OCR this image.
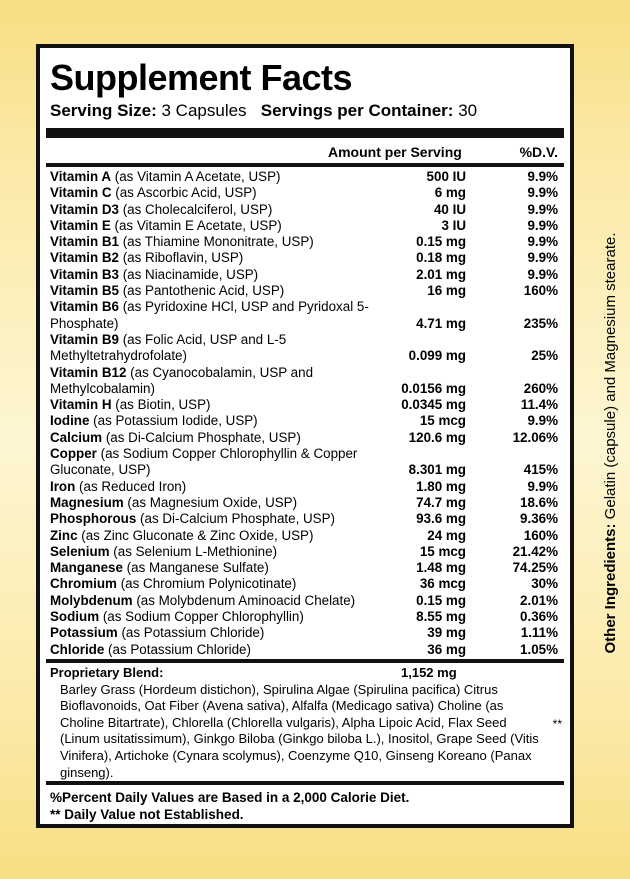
Supplement Facts
Serving Size: 3 Capsules Servings per Container: 30
Amount per Serving	%D.V.
Vitamin A (as Vitamin A Acetate, USP)	500 IU	9.9%
Vitamin C (as Ascorbic Acid, USP)	6 mg	9.9%
Vitamin D3 (as Cholecalciferol, USP)	40 IU	9.9%
Vitamin E (as Vitamin E Acetate, USP)	3 IU	9.9%
Vitamin B1 (as Thiamine Mononitrate, USP)	0.15 mg	9.9%
Vitamin B2 (as Riboflavin, USP)	0.18 mg	9.9%
Vitamin B3 (as Niacinamide, USP)	2.01 mg	9.9%
Vitamin B5 (as Pantothenic Acid, USP)	16 mg	160%
Vitamin B6 (as Pyridoxine HCl, USP and Pyridoxal 5-Phosphate)	4.71 mg	235%
Vitamin B9 (as Folic Acid, USP and L-5 Methyltetrahydrofolate)	0.099 mg	25%
Vitamin B12 (as Cyanocobalamin, USP and Methylcobalamin)	0.0156 mg	260%
Vitamin H (as Biotin, USP)	0.0345 mg	11.4%
Iodine (as Potassium Iodide, USP)	15 mcg	9.9%
Calcium (as Di-Calcium Phosphate, USP)	120.6 mg	12.06%
Copper (as Sodium Copper Chlorophyllin & Copper Gluconate, USP)	8.301 mg	415%
Iron (as Reduced Iron)	1.80 mg	9.9%
Magnesium (as Magnesium Oxide, USP)	74.7 mg	18.6%
Phosphorous (as Di-Calcium Phosphate, USP)	93.6 mg	9.36%
Zinc (as Zinc Gluconate & Zinc Oxide, USP)	24 mg	160%
Selenium (as Selenium L-Methionine)	15 mcg	21.42%
Manganese (as Manganese Sulfate)	1.48 mg	74.25%
Chromium (as Chromium Polynicotinate)	36 mcg	30%
Molybdenum (as Molybdenum Aminoacid Chelate)	0.15 mg	2.01%
Sodium (as Sodium Copper Chlorophyllin)	8.55 mg	0.36%
Potassium (as Potassium Chloride)	39 mg	1.11%
Chloride (as Potassium Chloride)	36 mg	1.05%
Proprietary Blend:	1,152 mg
Barley Grass (Hordeum distichon), Spirulina Algae (Spirulina pacifica) Citrus Bioflavonoids, Oat Fiber (Avena sativa), Alfalfa (Medicago sativa) Choline (as Choline Bitartrate), Chlorella (Chlorella vulgaris), Alpha Lipoic Acid, Flax Seed (Linum usitatissimum), Ginkgo Biloba (Ginkgo biloba L.), Inositol, Grape Seed (Vitis Vinifera), Artichoke (Cynara scolymus), Coenzyme Q10, Ginseng Koreano (Panax ginseng).
**
%Percent Daily Values are Based in a 2,000 Calorie Diet.
** Daily Value not Established.
Other Ingredients: Gelatin (capsule) and Magnesium stearate.
